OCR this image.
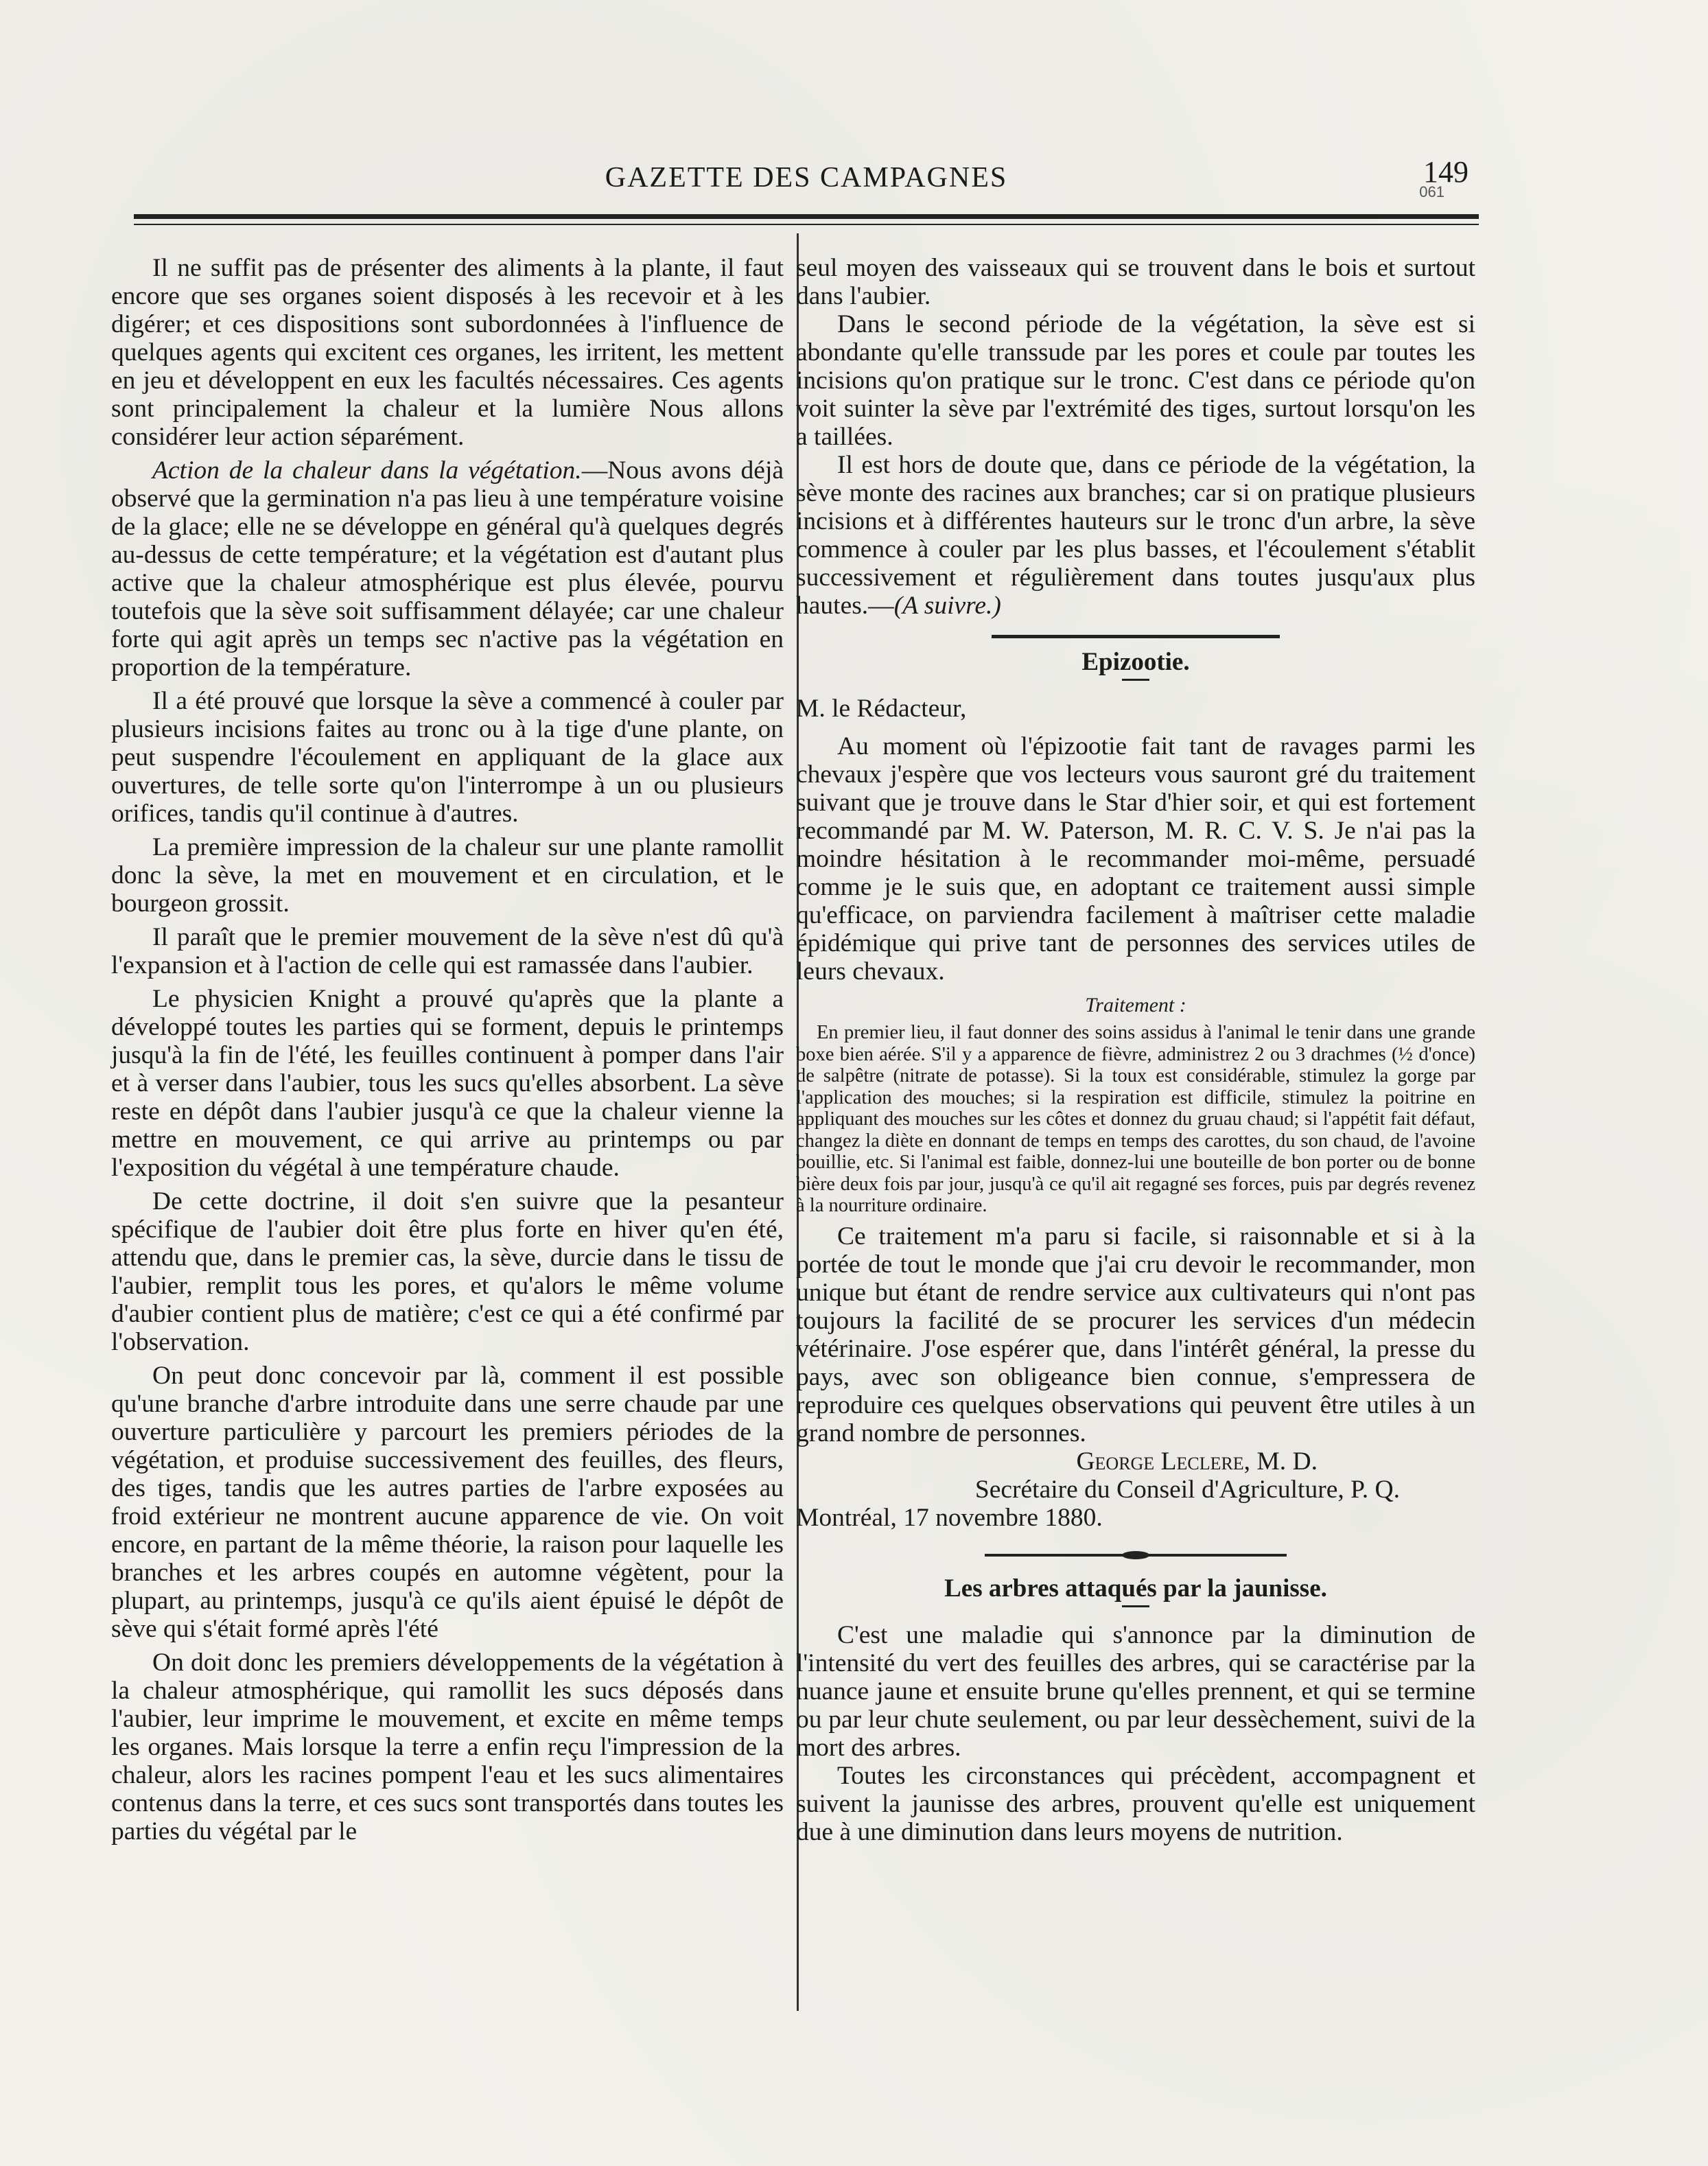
GAZETTE DES CAMPAGNES	149
061

Il ne suffit pas de présenter des aliments à la plante, il faut encore que ses organes soient disposés à les recevoir et à les digérer; et ces dispositions sont subordonnées à l'influence de quelques agents qui excitent ces organes, les irritent, les mettent en jeu et développent en eux les facultés nécessaires. Ces agents sont principalement la chaleur et la lumière Nous allons considérer leur action séparément.

Action de la chaleur dans la végétation.—Nous avons déjà observé que la germination n'a pas lieu à une température voisine de la glace; elle ne se développe en général qu'à quelques degrés au-dessus de cette température; et la végétation est d'autant plus active que la chaleur atmosphérique est plus élevée, pourvu toutefois que la sève soit suffisamment délayée; car une chaleur forte qui agit après un temps sec n'active pas la végétation en proportion de la température.

Il a été prouvé que lorsque la sève a commencé à couler par plusieurs incisions faites au tronc ou à la tige d'une plante, on peut suspendre l'écoulement en appliquant de la glace aux ouvertures, de telle sorte qu'on l'interrompe à un ou plusieurs orifices, tandis qu'il continue à d'autres.

La première impression de la chaleur sur une plante ramollit donc la sève, la met en mouvement et en circulation, et le bourgeon grossit.

Il paraît que le premier mouvement de la sève n'est dû qu'à l'expansion et à l'action de celle qui est ramassée dans l'aubier.

Le physicien Knight a prouvé qu'après que la plante a développé toutes les parties qui se forment, depuis le printemps jusqu'à la fin de l'été, les feuilles continuent à pomper dans l'air et à verser dans l'aubier, tous les sucs qu'elles absorbent. La sève reste en dépôt dans l'aubier jusqu'à ce que la chaleur vienne la mettre en mouvement, ce qui arrive au printemps ou par l'exposition du végétal à une température chaude.

De cette doctrine, il doit s'en suivre que la pesanteur spécifique de l'aubier doit être plus forte en hiver qu'en été, attendu que, dans le premier cas, la sève, durcie dans le tissu de l'aubier, remplit tous les pores, et qu'alors le même volume d'aubier contient plus de matière; c'est ce qui a été confirmé par l'observation.

On peut donc concevoir par là, comment il est possible qu'une branche d'arbre introduite dans une serre chaude par une ouverture particulière y parcourt les premiers périodes de la végétation, et produise successivement des feuilles, des fleurs, des tiges, tandis que les autres parties de l'arbre exposées au froid extérieur ne montrent aucune apparence de vie. On voit encore, en partant de la même théorie, la raison pour laquelle les branches et les arbres coupés en automne végètent, pour la plupart, au printemps, jusqu'à ce qu'ils aient épuisé le dépôt de sève qui s'était formé après l'été

On doit donc les premiers développements de la végétation à la chaleur atmosphérique, qui ramollit les sucs déposés dans l'aubier, leur imprime le mouvement, et excite en même temps les organes. Mais lorsque la terre a enfin reçu l'impression de la chaleur, alors les racines pompent l'eau et les sucs alimentaires contenus dans la terre, et ces sucs sont transportés dans toutes les parties du végétal par le

seul moyen des vaisseaux qui se trouvent dans le bois et surtout dans l'aubier.

Dans le second période de la végétation, la sève est si abondante qu'elle transsude par les pores et coule par toutes les incisions qu'on pratique sur le tronc. C'est dans ce période qu'on voit suinter la sève par l'extrémité des tiges, surtout lorsqu'on les a taillées.

Il est hors de doute que, dans ce période de la végétation, la sève monte des racines aux branches; car si on pratique plusieurs incisions et à différentes hauteurs sur le tronc d'un arbre, la sève commence à couler par les plus basses, et l'écoulement s'établit successivement et régulièrement dans toutes jusqu'aux plus hautes.—(A suivre.)

Epizootie.

M. le Rédacteur,

Au moment où l'épizootie fait tant de ravages parmi les chevaux j'espère que vos lecteurs vous sauront gré du traitement suivant que je trouve dans le Star d'hier soir, et qui est fortement recommandé par M. W. Paterson, M. R. C. V. S. Je n'ai pas la moindre hésitation à le recommander moi-même, persuadé comme je le suis que, en adoptant ce traitement aussi simple qu'efficace, on parviendra facilement à maîtriser cette maladie épidémique qui prive tant de personnes des services utiles de leurs chevaux.

Traitement :

En premier lieu, il faut donner des soins assidus à l'animal le tenir dans une grande boxe bien aérée. S'il y a apparence de fièvre, administrez 2 ou 3 drachmes (½ d'once) de salpêtre (nitrate de potasse). Si la toux est considérable, stimulez la gorge par l'application des mouches; si la respiration est difficile, stimulez la poitrine en appliquant des mouches sur les côtes et donnez du gruau chaud; si l'appétit fait défaut, changez la diète en donnant de temps en temps des carottes, du son chaud, de l'avoine bouillie, etc. Si l'animal est faible, donnez-lui une bouteille de bon porter ou de bonne bière deux fois par jour, jusqu'à ce qu'il ait regagné ses forces, puis par degrés revenez à la nourriture ordinaire.

Ce traitement m'a paru si facile, si raisonnable et si à la portée de tout le monde que j'ai cru devoir le recommander, mon unique but étant de rendre service aux cultivateurs qui n'ont pas toujours la facilité de se procurer les services d'un médecin vétérinaire. J'ose espérer que, dans l'intérêt général, la presse du pays, avec son obligeance bien connue, s'empressera de reproduire ces quelques observations qui peuvent être utiles à un grand nombre de personnes.

George Leclere, M. D.

Secrétaire du Conseil d'Agriculture, P. Q.

Montréal, 17 novembre 1880.

Les arbres attaqués par la jaunisse.

C'est une maladie qui s'annonce par la diminution de l'intensité du vert des feuilles des arbres, qui se caractérise par la nuance jaune et ensuite brune qu'elles prennent, et qui se termine ou par leur chute seulement, ou par leur dessèchement, suivi de la mort des arbres.

Toutes les circonstances qui précèdent, accompagnent et suivent la jaunisse des arbres, prouvent qu'elle est uniquement due à une diminution dans leurs moyens de nutrition.
